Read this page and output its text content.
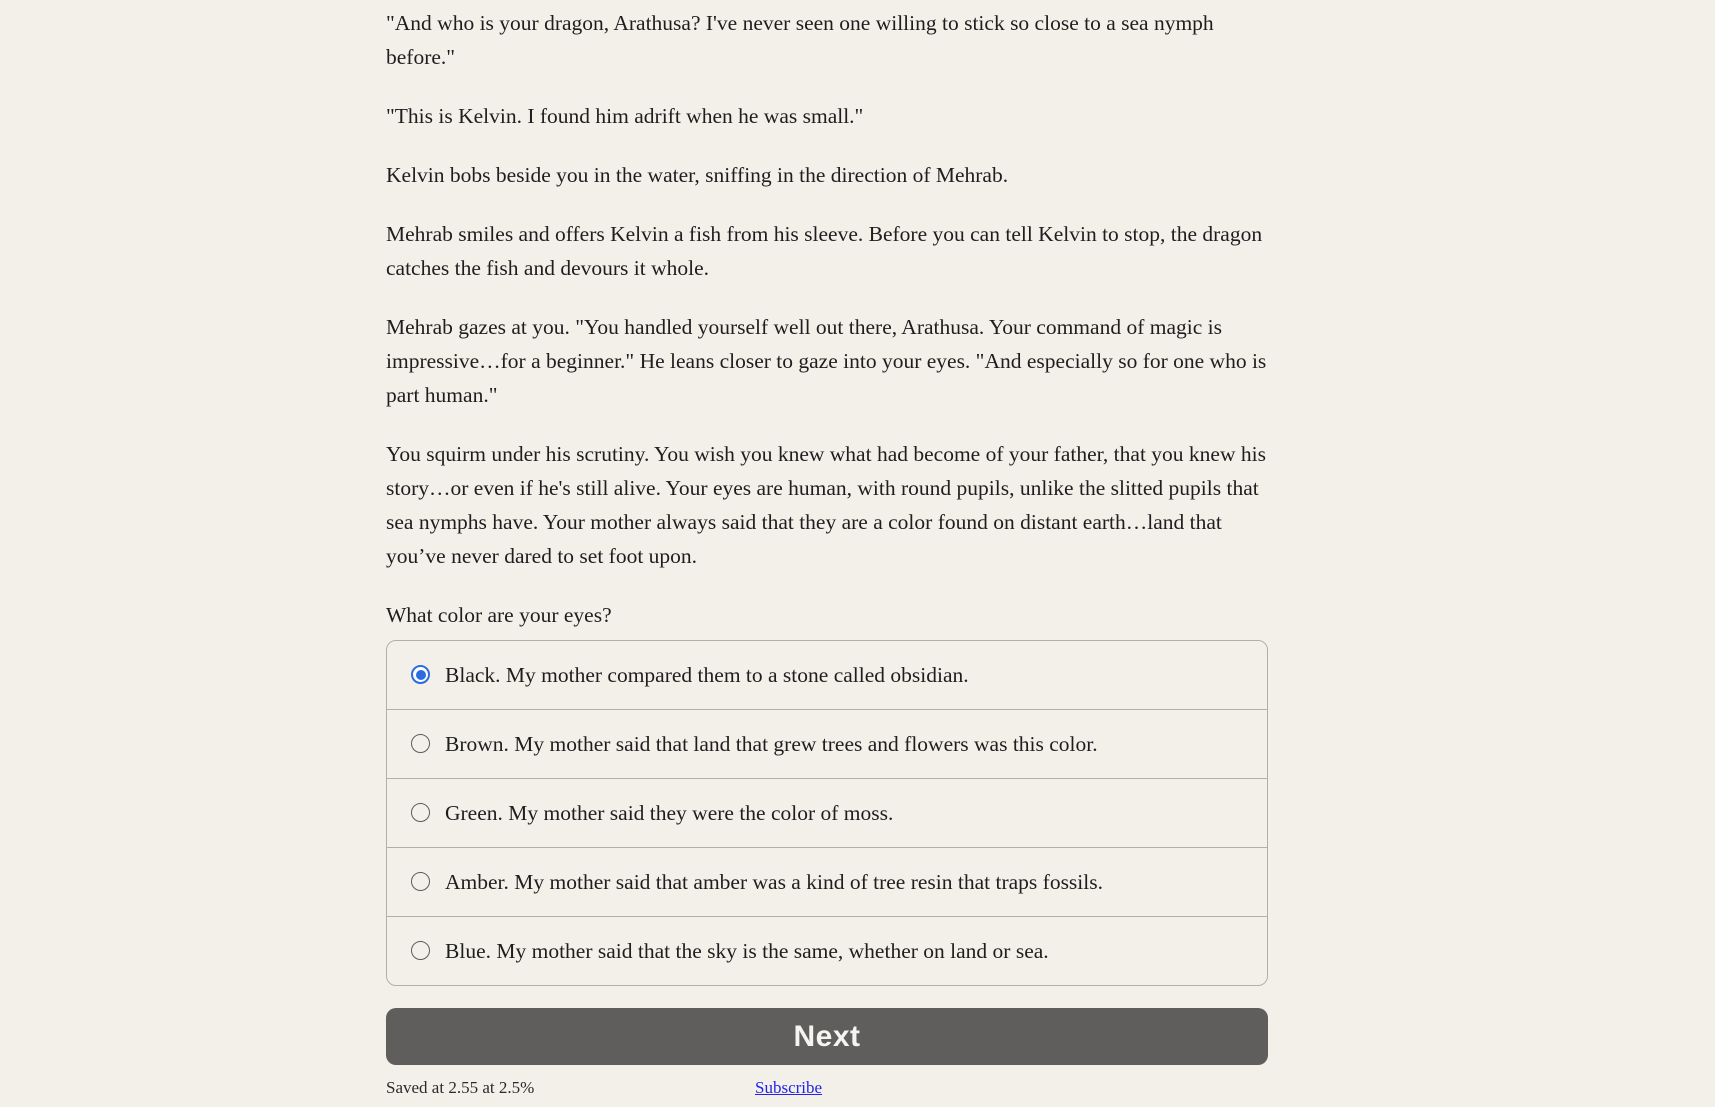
"And who is your dragon, Arathusa? I've never seen one willing to stick so close to a sea nymph before."

"This is Kelvin. I found him adrift when he was small."

Kelvin bobs beside you in the water, sniffing in the direction of Mehrab.

Mehrab smiles and offers Kelvin a fish from his sleeve. Before you can tell Kelvin to stop, the dragon catches the fish and devours it whole.

Mehrab gazes at you. "You handled yourself well out there, Arathusa. Your command of magic is impressive…for a beginner." He leans closer to gaze into your eyes. "And especially so for one who is part human."

You squirm under his scrutiny. You wish you knew what had become of your father, that you knew his story…or even if he's still alive. Your eyes are human, with round pupils, unlike the slitted pupils that sea nymphs have. Your mother always said that they are a color found on distant earth…land that you’ve never dared to set foot upon.

What color are your eyes?

Black. My mother compared them to a stone called obsidian.
Brown. My mother said that land that grew trees and flowers was this color.
Green. My mother said they were the color of moss.
Amber. My mother said that amber was a kind of tree resin that traps fossils.
Blue. My mother said that the sky is the same, whether on land or sea.
Next
Saved at 2.55 at 2.5%	Subscribe
